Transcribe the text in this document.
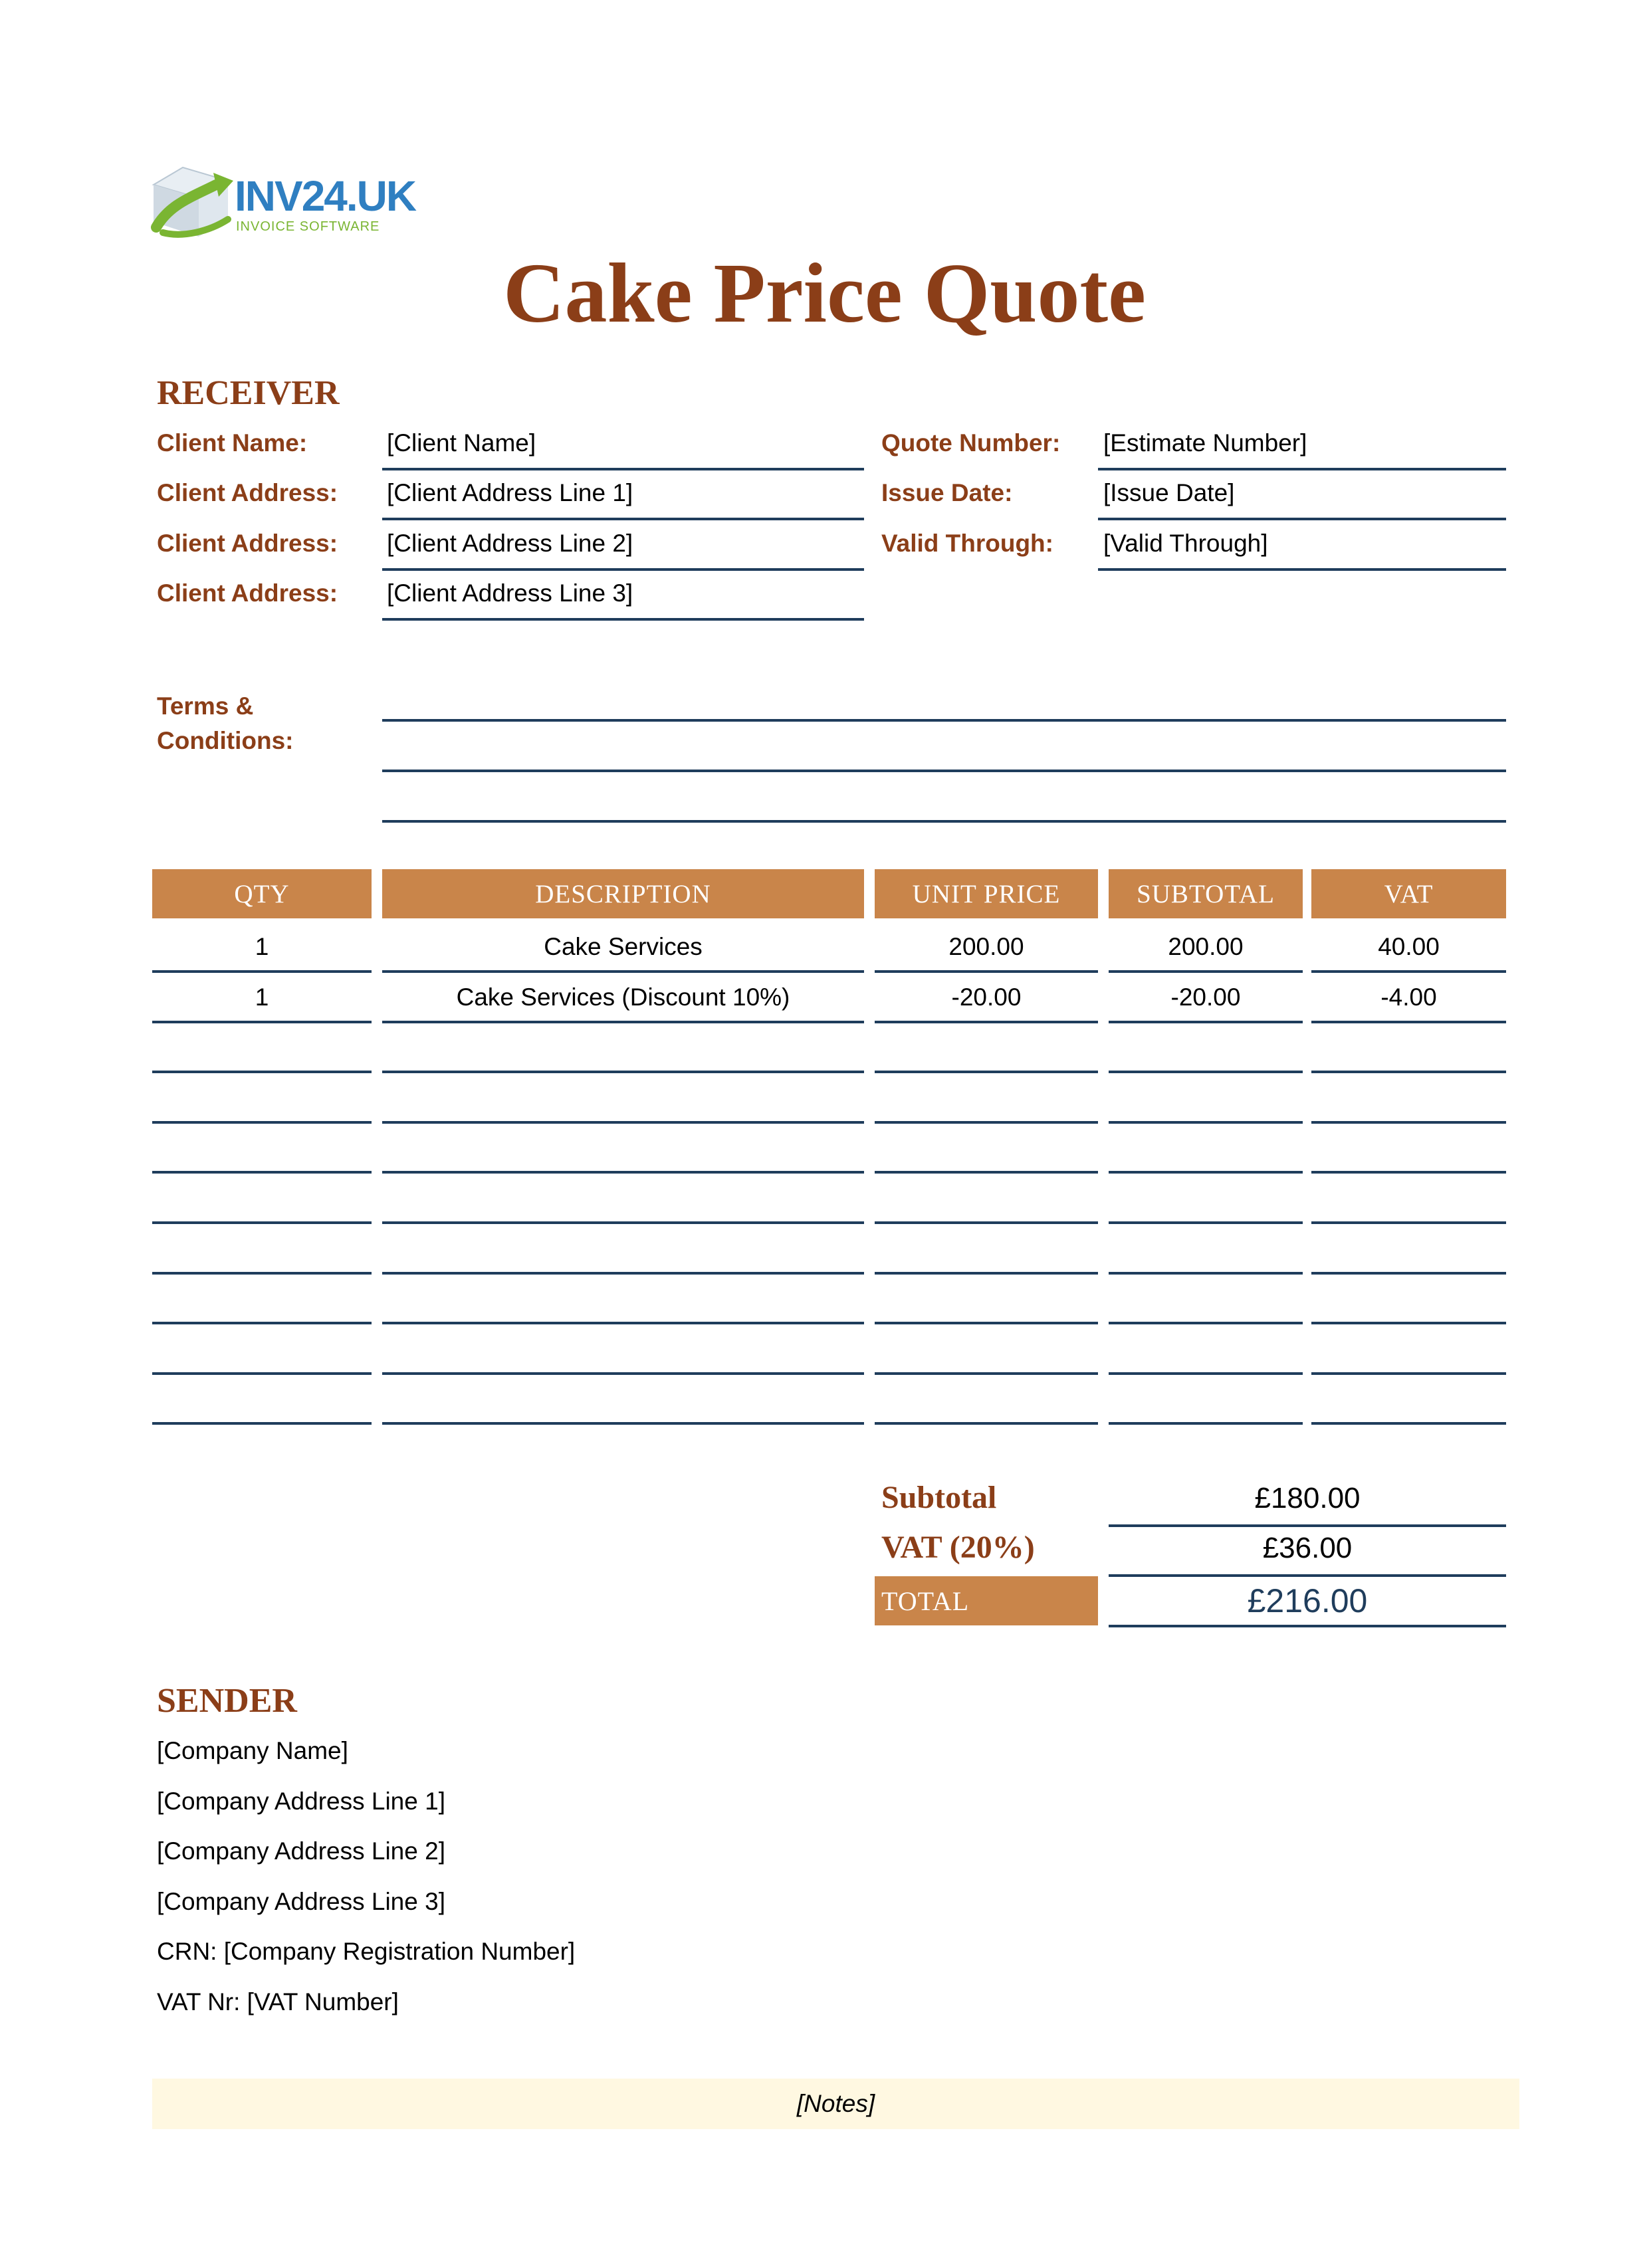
INV24.UK
INVOICE SOFTWARE
Cake Price Quote
RECEIVER
Client Name:	[Client Name]
Client Address: [Client Address Line 1]
Client Address: [Client Address Line 2]
Client Address: [Client Address Line 3]
Quote Number: [Estimate Number]
Issue Date:	[Issue Date]
Valid Through: [Valid Through]
Terms &
Conditions:
QTY	DESCRIPTION	UNIT PRICE	SUBTOTAL	VAT
1	Cake Services	200.00	200.00	40.00
1	Cake Services (Discount 10%)	-20.00	-20.00	-4.00
Subtotal	£180.00
VAT (20%)	£36.00
TOTAL	£216.00
SENDER
[Company Name]
[Company Address Line 1]
[Company Address Line 2]
[Company Address Line 3]
CRN: [Company Registration Number]
VAT Nr: [VAT Number]
[Notes]
